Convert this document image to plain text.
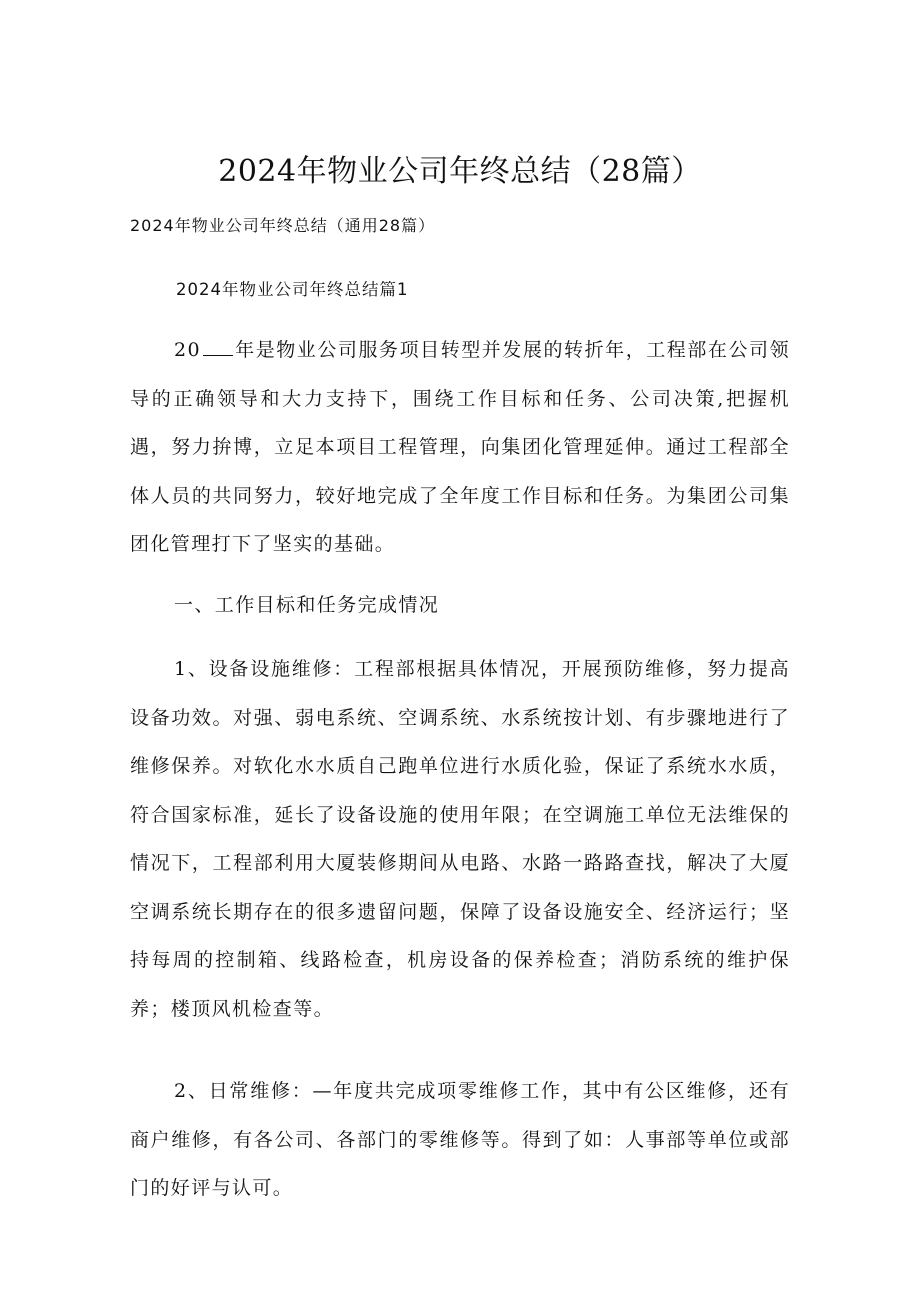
2024年物业公司年终总结（28篇）

2024年物业公司年终总结（通用28篇）

2024年物业公司年终总结篇1

20 年是物业公司服务项目转型并发展的转折年，工程部在公司领导的正确领导和大力支持下，围绕工作目标和任务、公司决策,把握机遇，努力拚博，立足本项目工程管理，向集团化管理延伸。通过工程部全体人员的共同努力，较好地完成了全年度工作目标和任务。为集团公司集团化管理打下了坚实的基础。

一、工作目标和任务完成情况

1、设备设施维修：工程部根据具体情况，开展预防维修，努力提高设备功效。对强、弱电系统、空调系统、水系统按计划、有步骤地进行了维修保养。对软化水水质自己跑单位进行水质化验，保证了系统水水质，符合国家标准，延长了设备设施的使用年限；在空调施工单位无法维保的情况下，工程部利用大厦装修期间从电路、水路一路路查找，解决了大厦空调系统长期存在的很多遗留问题，保障了设备设施安全、经济运行；坚持每周的控制箱、线路检查，机房设备的保养检查；消防系统的维护保养；楼顶风机检查等。

2、日常维修：—年度共完成项零维修工作，其中有公区维修，还有商户维修，有各公司、各部门的零维修等。得到了如：人事部等单位或部门的好评与认可。
